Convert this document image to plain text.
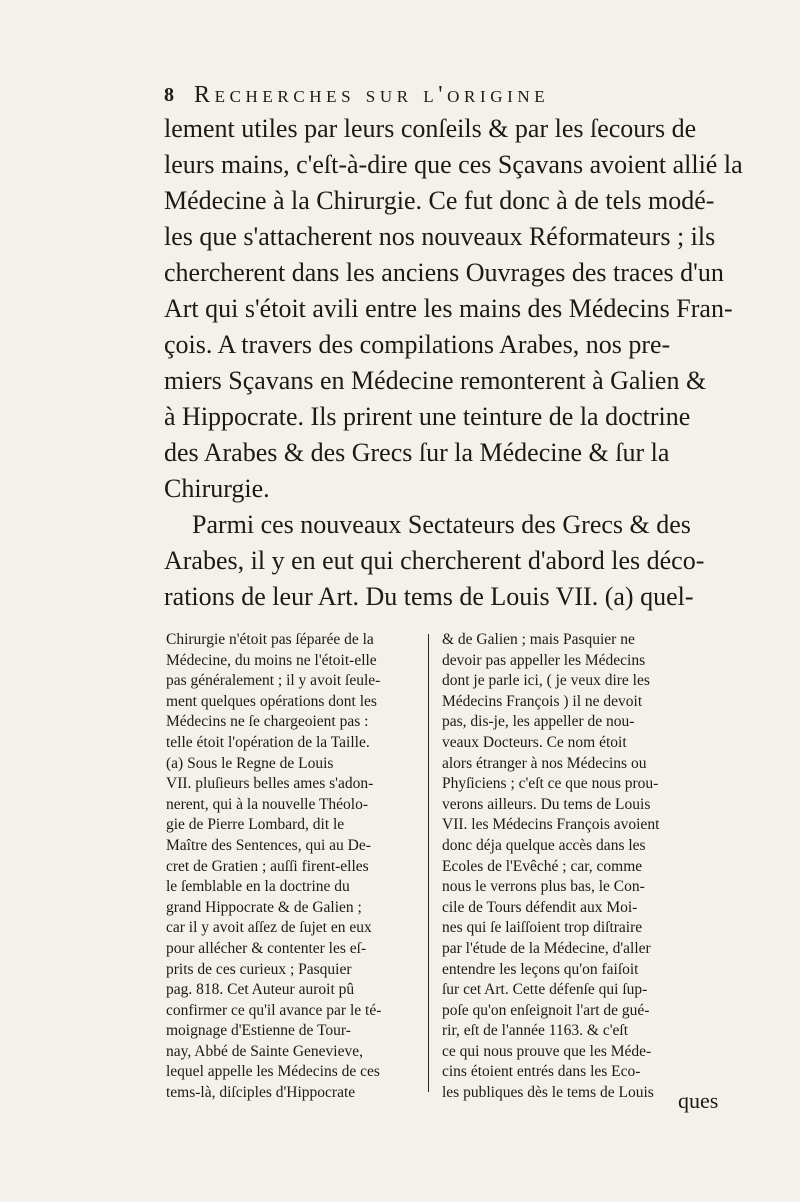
8 Recherches sur l'origine
lement utiles par leurs conſeils & par les ſecours de
leurs mains, c'eſt-à-dire que ces Sçavans avoient allié la
Médecine à la Chirurgie. Ce fut donc à de tels modé-
les que s'attacherent nos nouveaux Réformateurs ; ils
chercherent dans les anciens Ouvrages des traces d'un
Art qui s'étoit avili entre les mains des Médecins Fran-
çois. A travers des compilations Arabes, nos pre-
miers Sçavans en Médecine remonterent à Galien &
à Hippocrate. Ils prirent une teinture de la doctrine
des Arabes & des Grecs ſur la Médecine & ſur la
Chirurgie.
Parmi ces nouveaux Sectateurs des Grecs & des
Arabes, il y en eut qui chercherent d'abord les déco-
rations de leur Art. Du tems de Louis VII. (a) quel-
Chirurgie n'étoit pas ſéparée de la
Médecine, du moins ne l'étoit-elle
pas généralement ; il y avoit ſeule-
ment quelques opérations dont les
Médecins ne ſe chargeoient pas :
telle étoit l'opération de la Taille.
(a) Sous le Regne de Louis
VII. pluſieurs belles ames s'adon-
nerent, qui à la nouvelle Théolo-
gie de Pierre Lombard, dit le
Maître des Sentences, qui au De-
cret de Gratien ; auſſi firent-elles
le ſemblable en la doctrine du
grand Hippocrate & de Galien ;
car il y avoit aſſez de ſujet en eux
pour allécher & contenter les eſ-
prits de ces curieux ; Pasquier
pag. 818. Cet Auteur auroit pû
confirmer ce qu'il avance par le té-
moignage d'Estienne de Tour-
nay, Abbé de Sainte Genevieve,
lequel appelle les Médecins de ces
tems-là, diſciples d'Hippocrate
& de Galien ; mais Pasquier ne
devoir pas appeller les Médecins
dont je parle ici, ( je veux dire les
Médecins François ) il ne devoit
pas, dis-je, les appeller de nou-
veaux Docteurs. Ce nom étoit
alors étranger à nos Médecins ou
Phyſiciens ; c'eſt ce que nous prou-
verons ailleurs. Du tems de Louis
VII. les Médecins François avoient
donc déja quelque accès dans les
Ecoles de l'Evêché ; car, comme
nous le verrons plus bas, le Con-
cile de Tours défendit aux Moi-
nes qui ſe laiſſoient trop diſtraire
par l'étude de la Médecine, d'aller
entendre les leçons qu'on faiſoit
ſur cet Art. Cette défenſe qui ſup-
poſe qu'on enſeignoit l'art de gué-
rir, eſt de l'année 1163. & c'eſt
ce qui nous prouve que les Méde-
cins étoient entrés dans les Eco-
les publiques dès le tems de Louis	ques
